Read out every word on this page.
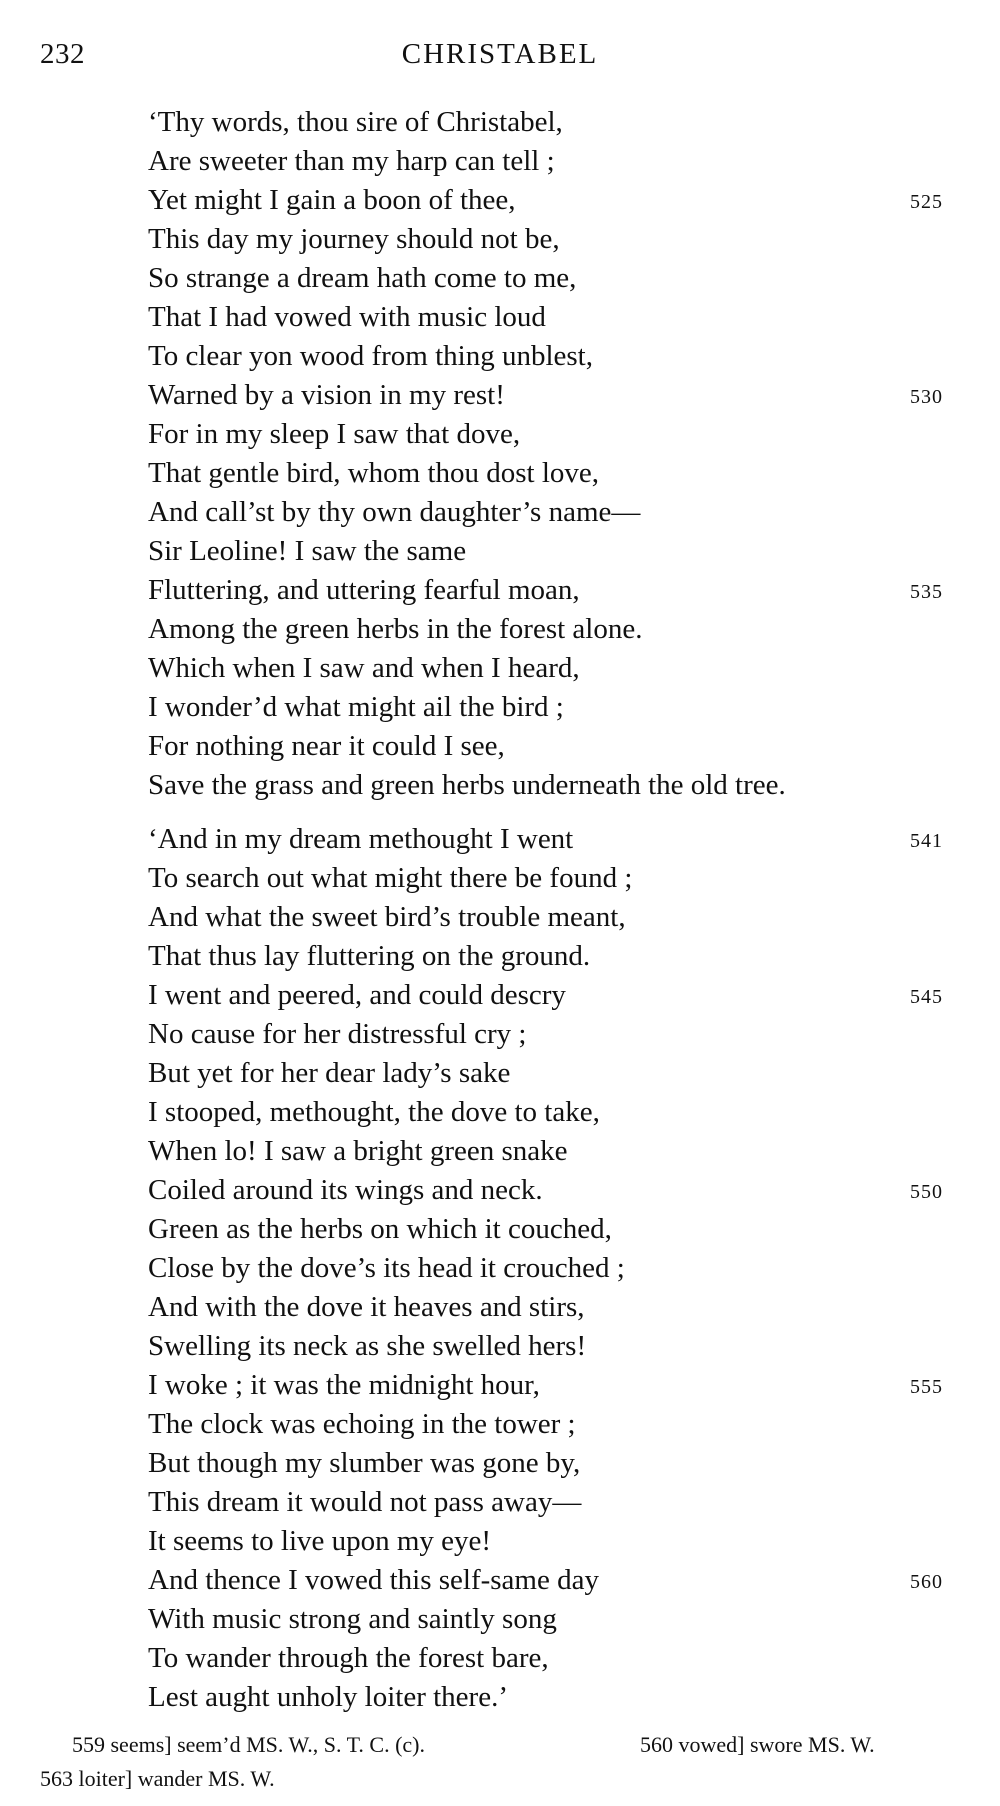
232	CHRISTABEL
‘Thy words, thou sire of Christabel,
Are sweeter than my harp can tell ;
Yet might I gain a boon of thee,	525
This day my journey should not be,
So strange a dream hath come to me,
That I had vowed with music loud
To clear yon wood from thing unblest,
Warned by a vision in my rest!	530
For in my sleep I saw that dove,
That gentle bird, whom thou dost love,
And call’st by thy own daughter’s name—
Sir Leoline! I saw the same
Fluttering, and uttering fearful moan,	535
Among the green herbs in the forest alone.
Which when I saw and when I heard,
I wonder’d what might ail the bird ;
For nothing near it could I see,
Save the grass and green herbs underneath the old tree.
‘And in my dream methought I went	541
To search out what might there be found ;
And what the sweet bird’s trouble meant,
That thus lay fluttering on the ground.
I went and peered, and could descry	545
No cause for her distressful cry ;
But yet for her dear lady’s sake
I stooped, methought, the dove to take,
When lo! I saw a bright green snake
Coiled around its wings and neck.	550
Green as the herbs on which it couched,
Close by the dove’s its head it crouched ;
And with the dove it heaves and stirs,
Swelling its neck as she swelled hers!
I woke ; it was the midnight hour,	555
The clock was echoing in the tower ;
But though my slumber was gone by,
This dream it would not pass away—
It seems to live upon my eye!
And thence I vowed this self-same day	560
With music strong and saintly song
To wander through the forest bare,
Lest aught unholy loiter there.’
559 seems] seem’d MS. W., S. T. C. (c).	560 vowed] swore MS. W.
563 loiter] wander MS. W.
